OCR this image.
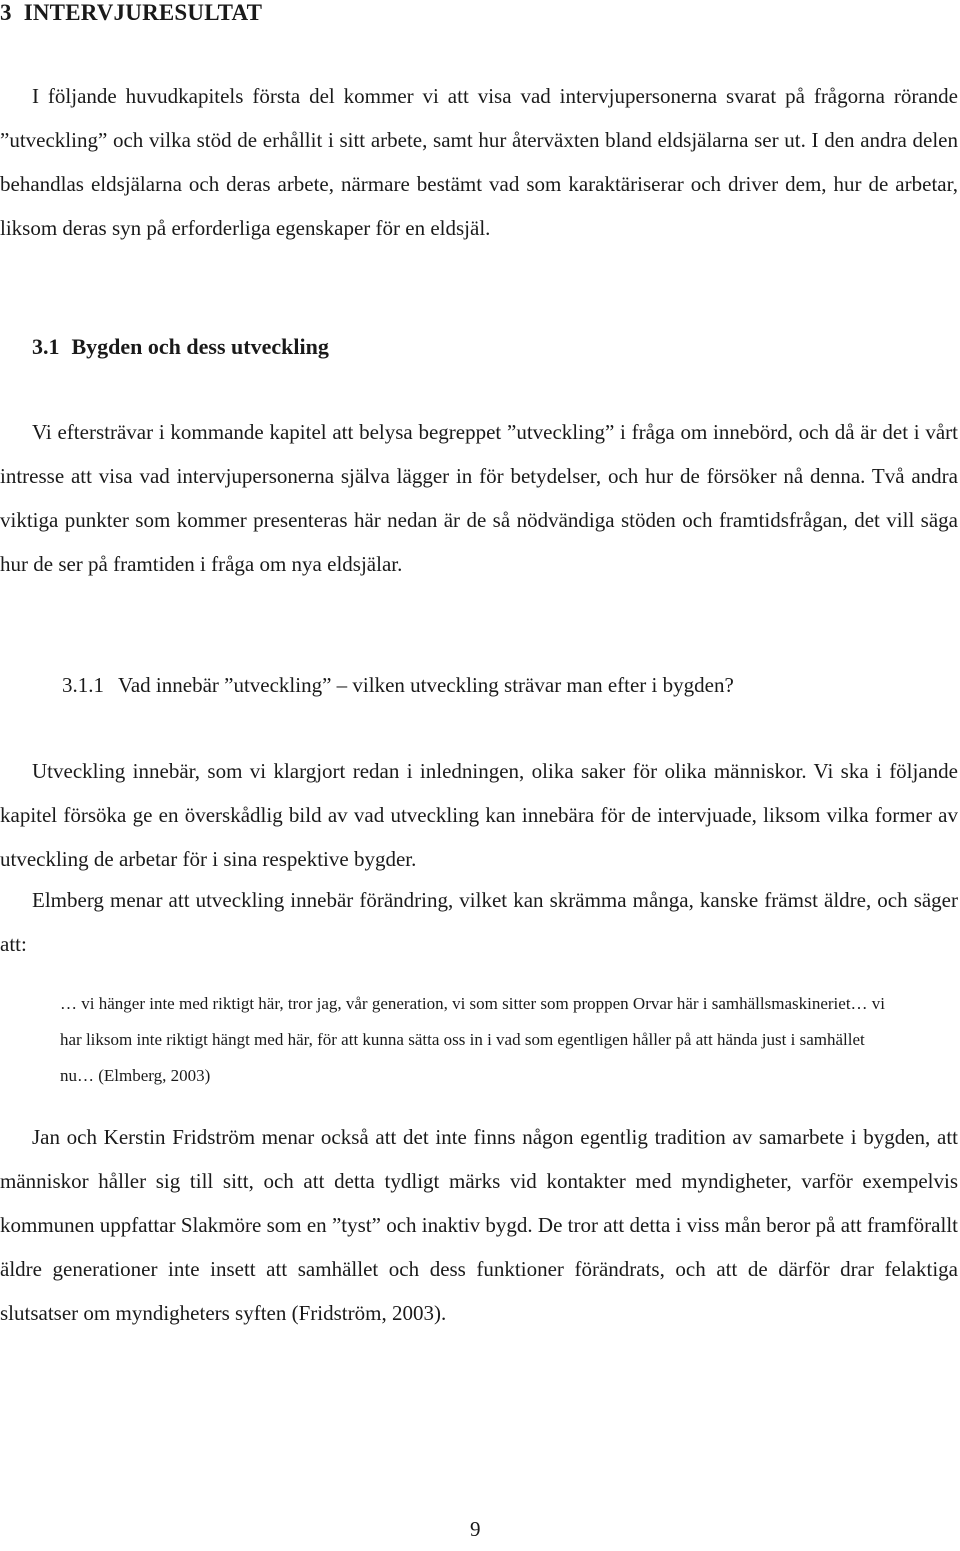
3 INTERVJURESULTAT

I följande huvudkapitels första del kommer vi att visa vad intervjupersonerna svarat på frågorna rörande ”utveckling” och vilka stöd de erhållit i sitt arbete, samt hur återväxten bland eldsjälarna ser ut. I den andra delen behandlas eldsjälarna och deras arbete, närmare bestämt vad som karaktäriserar och driver dem, hur de arbetar, liksom deras syn på erforderliga egenskaper för en eldsjäl.

3.1 Bygden och dess utveckling

Vi eftersträvar i kommande kapitel att belysa begreppet ”utveckling” i fråga om innebörd, och då är det i vårt intresse att visa vad intervjupersonerna själva lägger in för betydelser, och hur de försöker nå denna. Två andra viktiga punkter som kommer presenteras här nedan är de så nödvändiga stöden och framtidsfrågan, det vill säga hur de ser på framtiden i fråga om nya eldsjälar.

3.1.1 Vad innebär ”utveckling” – vilken utveckling strävar man efter i bygden?

Utveckling innebär, som vi klargjort redan i inledningen, olika saker för olika människor. Vi ska i följande kapitel försöka ge en överskådlig bild av vad utveckling kan innebära för de intervjuade, liksom vilka former av utveckling de arbetar för i sina respektive bygder.

Elmberg menar att utveckling innebär förändring, vilket kan skrämma många, kanske främst äldre, och säger att:

… vi hänger inte med riktigt här, tror jag, vår generation, vi som sitter som proppen Orvar här i samhällsmaskineriet… vi har liksom inte riktigt hängt med här, för att kunna sätta oss in i vad som egentligen håller på att hända just i samhället nu… (Elmberg, 2003)

Jan och Kerstin Fridström menar också att det inte finns någon egentlig tradition av samarbete i bygden, att människor håller sig till sitt, och att detta tydligt märks vid kontakter med myndigheter, varför exempelvis kommunen uppfattar Slakmöre som en ”tyst” och inaktiv bygd. De tror att detta i viss mån beror på att framförallt äldre generationer inte insett att samhället och dess funktioner förändrats, och att de därför drar felaktiga slutsatser om myndigheters syften (Fridström, 2003).

9
